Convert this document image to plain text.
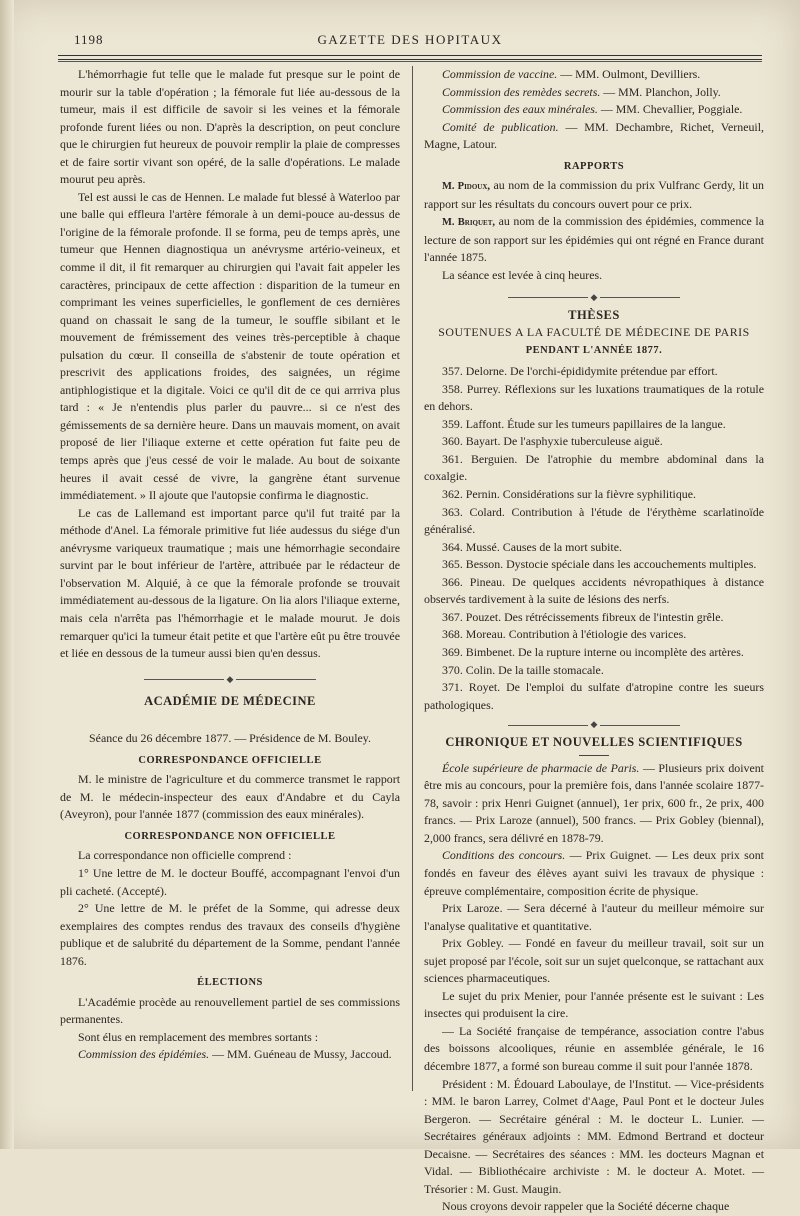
1198	GAZETTE DES HOPITAUX

L'hémorrhagie fut telle que le malade fut presque sur le point de mourir sur la table d'opération ; la fémorale fut liée au-dessous de la tumeur, mais il est difficile de savoir si les veines et la fémorale profonde furent liées ou non. D'après la description, on peut conclure que le chirurgien fut heureux de pouvoir remplir la plaie de compresses et de faire sortir vivant son opéré, de la salle d'opérations. Le malade mourut peu après.

Tel est aussi le cas de Hennen. Le malade fut blessé à Waterloo par une balle qui effleura l'artère fémorale à un demi-pouce au-dessus de l'origine de la fémorale profonde. Il se forma, peu de temps après, une tumeur que Hennen diagnostiqua un anévrysme artério-veineux, et comme il dit, il fit remarquer au chirurgien qui l'avait fait appeler les caractères, principaux de cette affection : disparition de la tumeur en comprimant les veines superficielles, le gonflement de ces dernières quand on chassait le sang de la tumeur, le souffle sibilant et le mouvement de frémissement des veines très-perceptible à chaque pulsation du cœur. Il conseilla de s'abstenir de toute opération et prescrivit des applications froides, des saignées, un régime antiphlogistique et la digitale. Voici ce qu'il dit de ce qui arrriva plus tard : « Je n'entendis plus parler du pauvre... si ce n'est des gémissements de sa dernière heure. Dans un mauvais moment, on avait proposé de lier l'iliaque externe et cette opération fut faite peu de temps après que j'eus cessé de voir le malade. Au bout de soixante heures il avait cessé de vivre, la gangrène étant survenue immédiatement. » Il ajoute que l'autopsie confirma le diagnostic.

Le cas de Lallemand est important parce qu'il fut traité par la méthode d'Anel. La fémorale primitive fut liée audessus du siége d'un anévrysme variqueux traumatique ; mais une hémorrhagie secondaire survint par le bout inférieur de l'artère, attribuée par le rédacteur de l'observation M. Alquié, à ce que la fémorale profonde se trouvait immédiatement au-dessous de la ligature. On lia alors l'iliaque externe, mais cela n'arrêta pas l'hémorrhagie et le malade mourut. Je dois remarquer qu'ici la tumeur était petite et que l'artère eût pu être trouvée et liée en dessous de la tumeur aussi bien qu'en dessus.

◆

ACADÉMIE DE MÉDECINE

Séance du 26 décembre 1877. — Présidence de M. Bouley.

CORRESPONDANCE OFFICIELLE

M. le ministre de l'agriculture et du commerce transmet le rapport de M. le médecin-inspecteur des eaux d'Andabre et du Cayla (Aveyron), pour l'année 1877 (commission des eaux minérales).

CORRESPONDANCE NON OFFICIELLE

La correspondance non officielle comprend :

1° Une lettre de M. le docteur Bouffé, accompagnant l'envoi d'un pli cacheté. (Accepté).

2° Une lettre de M. le préfet de la Somme, qui adresse deux exemplaires des comptes rendus des travaux des conseils d'hygiène publique et de salubrité du département de la Somme, pendant l'année 1876.

ÉLECTIONS

L'Académie procède au renouvellement partiel de ses commissions permanentes.

Sont élus en remplacement des membres sortants :

Commission des épidémies. — MM. Guéneau de Mussy, Jaccoud.

Commission de vaccine. — MM. Oulmont, Devilliers.

Commission des remèdes secrets. — MM. Planchon, Jolly.

Commission des eaux minérales. — MM. Chevallier, Poggiale.

Comité de publication. — MM. Dechambre, Richet, Verneuil, Magne, Latour.

RAPPORTS

M. Pidoux, au nom de la commission du prix Vulfranc Gerdy, lit un rapport sur les résultats du concours ouvert pour ce prix.

M. Briquet, au nom de la commission des épidémies, commence la lecture de son rapport sur les épidémies qui ont régné en France durant l'année 1875.

La séance est levée à cinq heures.

◆

THÈSES

SOUTENUES A LA FACULTÉ DE MÉDECINE DE PARIS

PENDANT L'ANNÉE 1877.

357. Delorne. De l'orchi-épididymite prétendue par effort.

358. Purrey. Réflexions sur les luxations traumatiques de la rotule en dehors.

359. Laffont. Étude sur les tumeurs papillaires de la langue.

360. Bayart. De l'asphyxie tuberculeuse aiguë.

361. Berguien. De l'atrophie du membre abdominal dans la coxalgie.

362. Pernin. Considérations sur la fièvre syphilitique.

363. Colard. Contribution à l'étude de l'érythème scarlatinoïde généralisé.

364. Mussé. Causes de la mort subite.

365. Besson. Dystocie spéciale dans les accouchements multiples.

366. Pineau. De quelques accidents névropathiques à distance observés tardivement à la suite de lésions des nerfs.

367. Pouzet. Des rétrécissements fibreux de l'intestin grêle.

368. Moreau. Contribution à l'étiologie des varices.

369. Bimbenet. De la rupture interne ou incomplète des artères.

370. Colin. De la taille stomacale.

371. Royet. De l'emploi du sulfate d'atropine contre les sueurs pathologiques.

◆

CHRONIQUE ET NOUVELLES SCIENTIFIQUES

École supérieure de pharmacie de Paris. — Plusieurs prix doivent être mis au concours, pour la première fois, dans l'année scolaire 1877-78, savoir : prix Henri Guignet (annuel), 1er prix, 600 fr., 2e prix, 400 francs. — Prix Laroze (annuel), 500 francs. — Prix Gobley (biennal), 2,000 francs, sera délivré en 1878-79.

Conditions des concours. — Prix Guignet. — Les deux prix sont fondés en faveur des élèves ayant suivi les travaux de physique : épreuve complémentaire, composition écrite de physique.

Prix Laroze. — Sera décerné à l'auteur du meilleur mémoire sur l'analyse qualitative et quantitative.

Prix Gobley. — Fondé en faveur du meilleur travail, soit sur un sujet proposé par l'école, soit sur un sujet quelconque, se rattachant aux sciences pharmaceutiques.

Le sujet du prix Menier, pour l'année présente est le suivant : Les insectes qui produisent la cire.

— La Société française de tempérance, association contre l'abus des boissons alcooliques, réunie en assemblée générale, le 16 décembre 1877, a formé son bureau comme il suit pour l'année 1878.

Président : M. Édouard Laboulaye, de l'Institut. — Vice-présidents : MM. le baron Larrey, Colmet d'Aage, Paul Pont et le docteur Jules Bergeron. — Secrétaire général : M. le docteur L. Lunier. — Secrétaires généraux adjoints : MM. Edmond Bertrand et docteur Decaisne. — Secrétaires des séances : MM. les docteurs Magnan et Vidal. — Bibliothécaire archiviste : M. le docteur A. Motet. — Trésorier : M. Gust. Maugin.

Nous croyons devoir rappeler que la Société décerne chaque
